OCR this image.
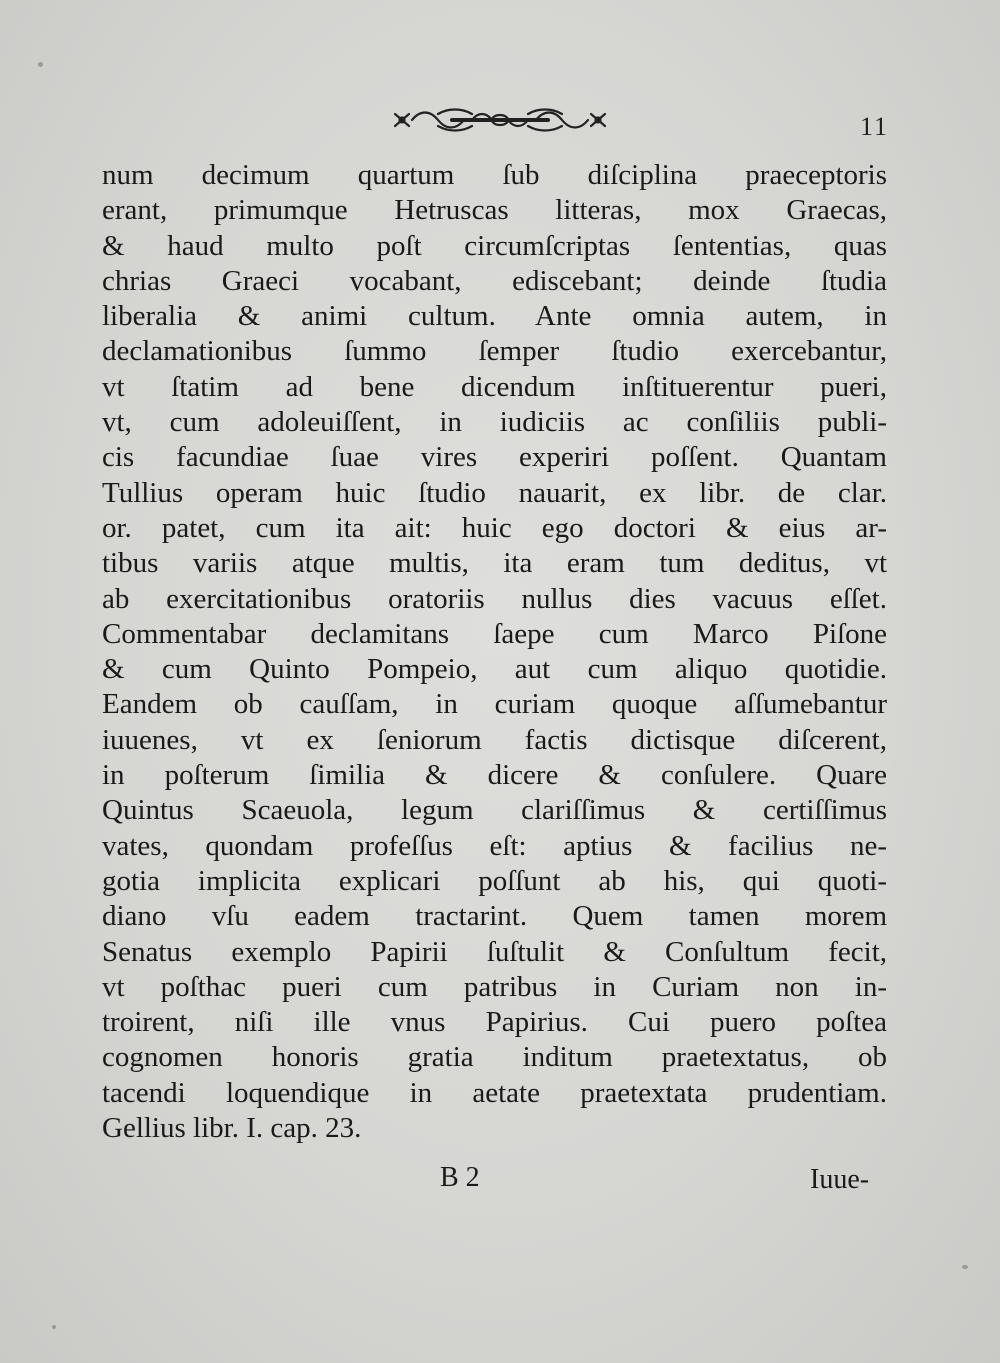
11
num decimum quartum ſub diſciplina praeceptoris
erant, primumque Hetruscas litteras, mox Graecas,
& haud multo poſt circumſcriptas ſententias, quas
chrias Graeci vocabant, ediscebant; deinde ſtudia
liberalia & animi cultum. Ante omnia autem, in
declamationibus ſummo ſemper ſtudio exercebantur,
vt ſtatim ad bene dicendum inſtituerentur pueri,
vt, cum adoleuiſſent, in iudiciis ac conſiliis publi-
cis facundiae ſuae vires experiri poſſent. Quantam
Tullius operam huic ſtudio nauarit, ex libr. de clar.
or. patet, cum ita ait: huic ego doctori & eius ar-
tibus variis atque multis, ita eram tum deditus, vt
ab exercitationibus oratoriis nullus dies vacuus eſſet.
Commentabar declamitans ſaepe cum Marco Piſone
& cum Quinto Pompeio, aut cum aliquo quotidie.
Eandem ob cauſſam, in curiam quoque aſſumebantur
iuuenes, vt ex ſeniorum factis dictisque diſcerent,
in poſterum ſimilia & dicere & conſulere. Quare
Quintus Scaeuola, legum clariſſimus & certiſſimus
vates, quondam profeſſus eſt: aptius & facilius ne-
gotia implicita explicari poſſunt ab his, qui quoti-
diano vſu eadem tractarint. Quem tamen morem
Senatus exemplo Papirii ſuſtulit & Conſultum fecit,
vt poſthac pueri cum patribus in Curiam non in-
troirent, niſi ille vnus Papirius. Cui puero poſtea
cognomen honoris gratia inditum praetextatus, ob
tacendi loquendique in aetate praetextata prudentiam.
Gellius libr. I. cap. 23.
B 2	Iuue-
